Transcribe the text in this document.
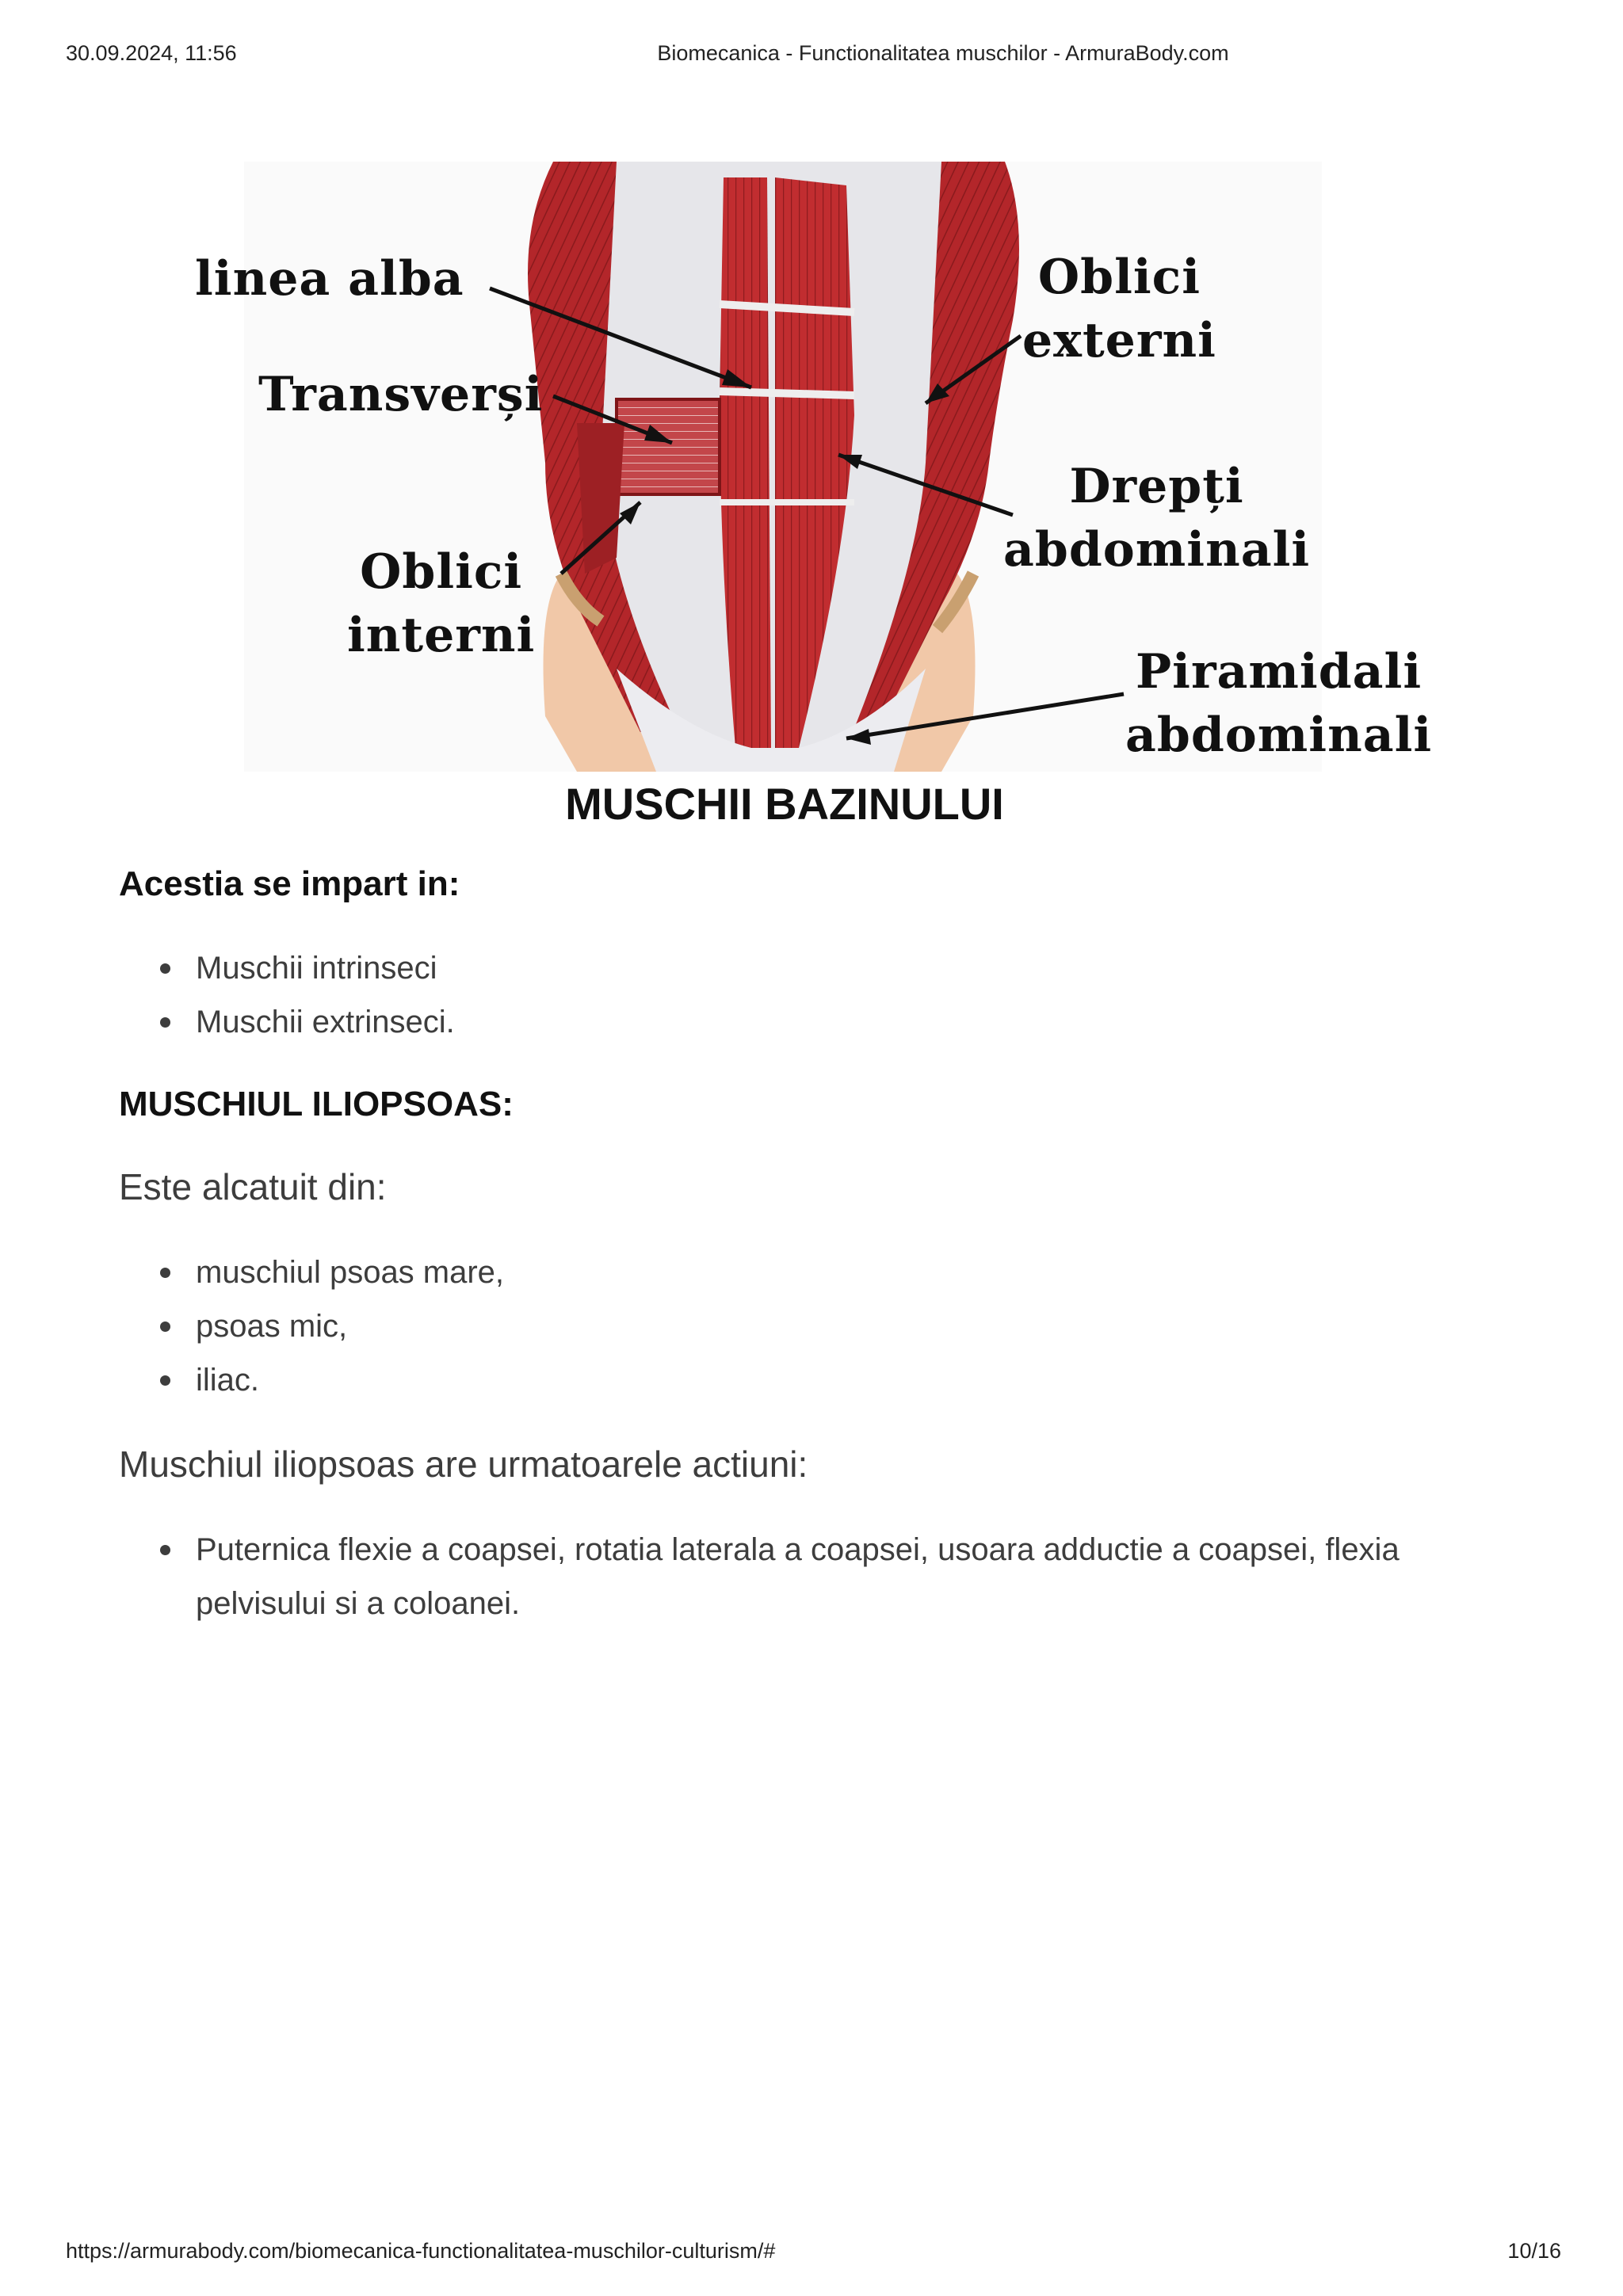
30.09.2024, 11:56	Biomecanica - Functionalitatea muschilor - ArmuraBody.com
linea alba
Transverși
Oblici
interni
Oblici
externi
Drepți
abdominali
Piramidali
abdominali
MUSCHII BAZINULUI
Acestia se impart in:
Muschii intrinseci
Muschii extrinseci.
MUSCHIUL ILIOPSOAS:
Este alcatuit din:
muschiul psoas mare,
psoas mic,
iliac.
Muschiul iliopsoas are urmatoarele actiuni:
Puternica flexie a coapsei, rotatia laterala a coapsei, usoara adductie a coapsei, flexia pelvisului si a coloanei.
https://armurabody.com/biomecanica-functionalitatea-muschilor-culturism/#	10/16
